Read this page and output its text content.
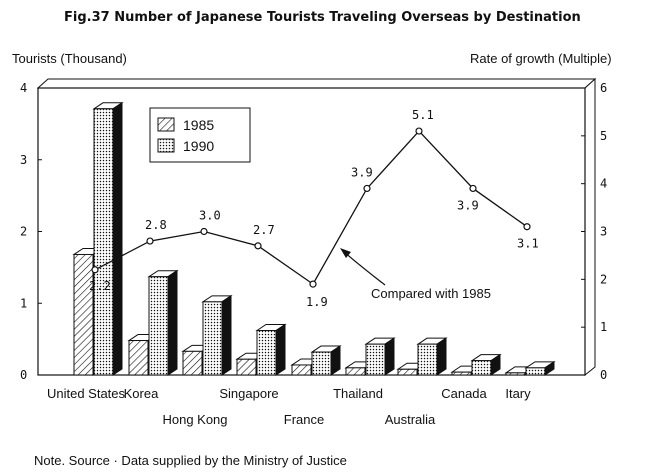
Fig.37 Number of Japanese Tourists Traveling Overseas by Destination
Tourists (Thousand)	Rate of growth (Multiple)
0
1
2
3
4
0
1
2
3
4
5
6
2.2
2.8
3.0
2.7
1.9
3.9
5.1
3.9
3.1
United States
Korea
Hong Kong
Singapore
France
Thailand
Australia
Canada Itary
1985
1990
Compared with 1985
Note. Source · Data supplied by the Ministry of Justice
